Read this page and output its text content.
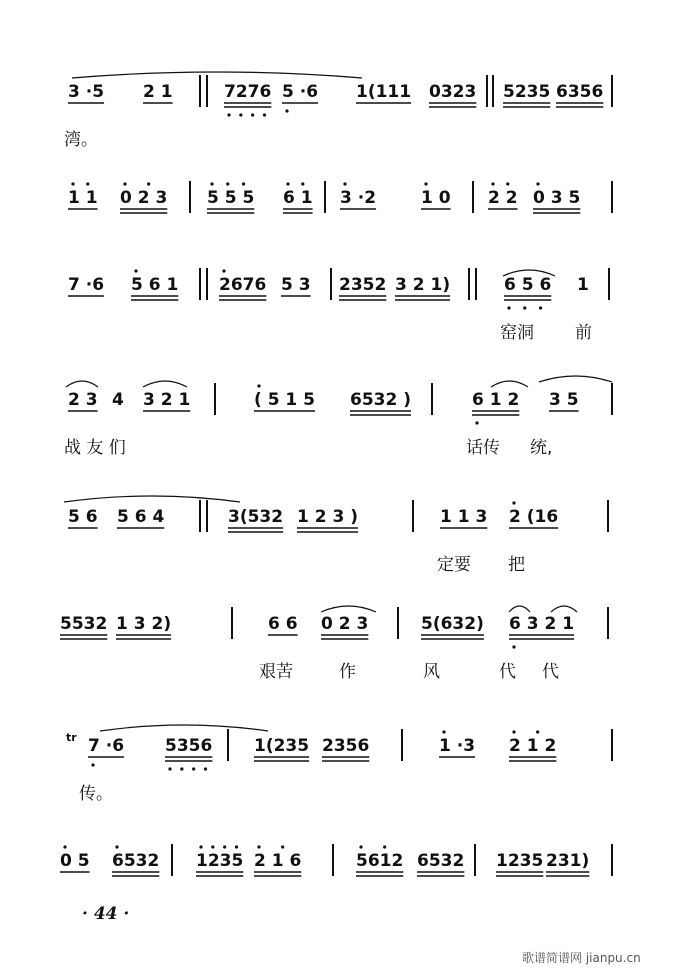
3 ·5 2 1	7276 5 ·6 1(111 0323 5235 6356
湾。
1 1 0 2 3 5 5 5 6 1 3 ·2	1 0 2 2 0 3 5
7 ·6 5 6 1 2676 5 3 2352 3 2 1)	6 5 6 1
窑洞 前
2 3 4 3 2 1	( 5 1 5 6532 )	6 1 2 3 5
战 友 们	话传 统,
5 6 5 6 4	3(532 1 2 3 )	1 1 3 2 (16
定要 把
5532 1 3 2)	6 6 0 2 3	5(632) 6 3 2 1
艰苦	作	风	代 代
7 ·6 5356 1(235 2356	1 ·3 2 1 2
传。
0 5 6532 1235 2 1 6	5612 6532 1235 231)
tr
· 44 ·
歌谱简谱网 jianpu.cn
